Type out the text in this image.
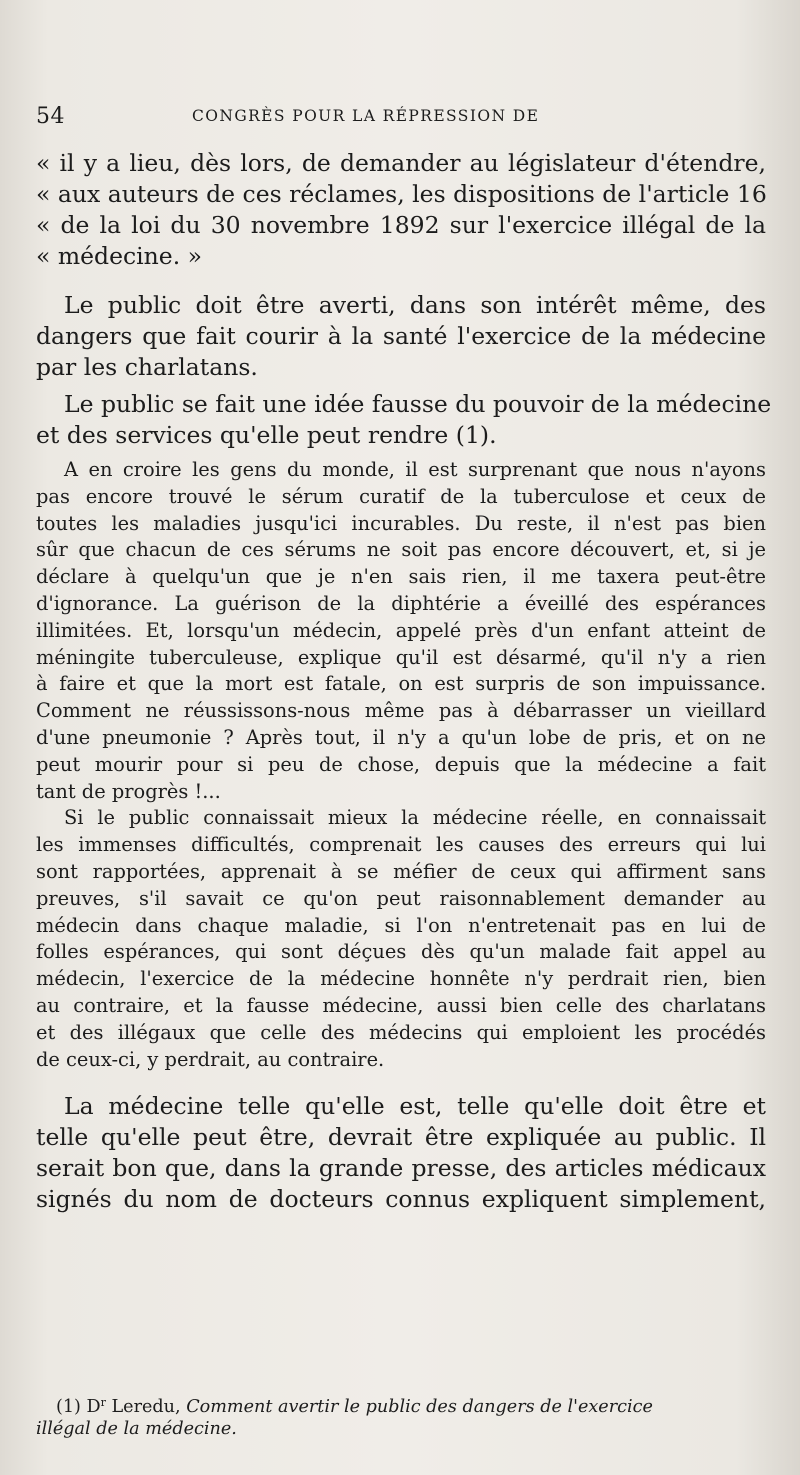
54	CONGRÈS POUR LA RÉPRESSION DE
« il y a lieu, dès lors, de demander au législateur d'étendre,
« aux auteurs de ces réclames, les dispositions de l'article 16
« de la loi du 30 novembre 1892 sur l'exercice illégal de la
« médecine. »
Le public doit être averti, dans son intérêt même, des
dangers que fait courir à la santé l'exercice de la médecine
par les charlatans.
Le public se fait une idée fausse du pouvoir de la médecine
et des services qu'elle peut rendre (1).
A en croire les gens du monde, il est surprenant que nous n'ayons
pas encore trouvé le sérum curatif de la tuberculose et ceux de
toutes les maladies jusqu'ici incurables. Du reste, il n'est pas bien
sûr que chacun de ces sérums ne soit pas encore découvert, et, si je
déclare à quelqu'un que je n'en sais rien, il me taxera peut-être
d'ignorance. La guérison de la diphtérie a éveillé des espérances
illimitées. Et, lorsqu'un médecin, appelé près d'un enfant atteint de
méningite tuberculeuse, explique qu'il est désarmé, qu'il n'y a rien
à faire et que la mort est fatale, on est surpris de son impuissance.
Comment ne réussissons-nous même pas à débarrasser un vieillard
d'une pneumonie ? Après tout, il n'y a qu'un lobe de pris, et on ne
peut mourir pour si peu de chose, depuis que la médecine a fait
tant de progrès !...
Si le public connaissait mieux la médecine réelle, en connaissait
les immenses difficultés, comprenait les causes des erreurs qui lui
sont rapportées, apprenait à se méfier de ceux qui affirment sans
preuves, s'il savait ce qu'on peut raisonnablement demander au
médecin dans chaque maladie, si l'on n'entretenait pas en lui de
folles espérances, qui sont déçues dès qu'un malade fait appel au
médecin, l'exercice de la médecine honnête n'y perdrait rien, bien
au contraire, et la fausse médecine, aussi bien celle des charlatans
et des illégaux que celle des médecins qui emploient les procédés
de ceux-ci, y perdrait, au contraire.
La médecine telle qu'elle est, telle qu'elle doit être et
telle qu'elle peut être, devrait être expliquée au public. Il
serait bon que, dans la grande presse, des articles médicaux
signés du nom de docteurs connus expliquent simplement,
(1) $D^r$ Leredu, Comment avertir le public des dangers de l'exercice
illégal de la médecine.
